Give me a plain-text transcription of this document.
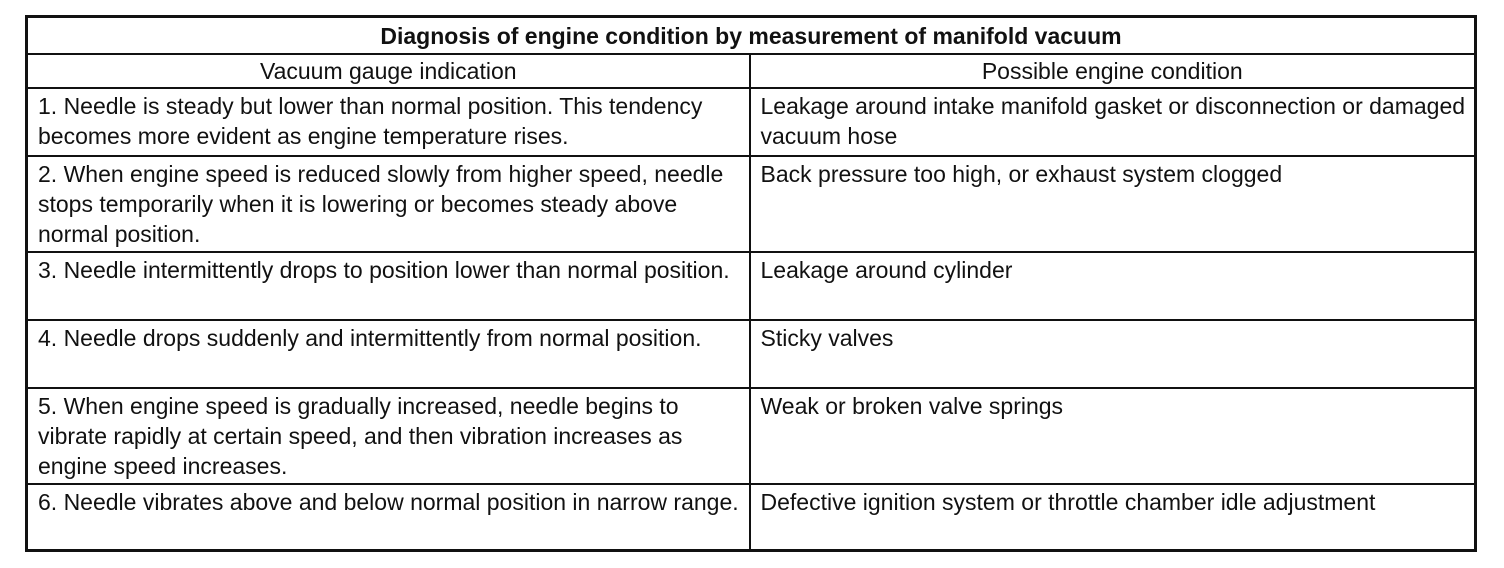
Diagnosis of engine condition by measurement of manifold vacuum	
Vacuum gauge indication	Possible engine condition
1. Needle is steady but lower than normal position. This tendency becomes more evident as engine temperature rises.	Leakage around intake manifold gasket or disconnection or damaged vacuum hose
2. When engine speed is reduced slowly from higher speed, needle stops temporarily when it is lowering or becomes steady above normal position.	Back pressure too high, or exhaust system clogged
3. Needle intermittently drops to position lower than normal position.	Leakage around cylinder
4. Needle drops suddenly and intermittently from normal position.	Sticky valves
5. When engine speed is gradually increased, needle begins to vibrate rapidly at certain speed, and then vibration increases as engine speed increases.	Weak or broken valve springs
6. Needle vibrates above and below normal position in narrow range.	Defective ignition system or throttle chamber idle adjustment
